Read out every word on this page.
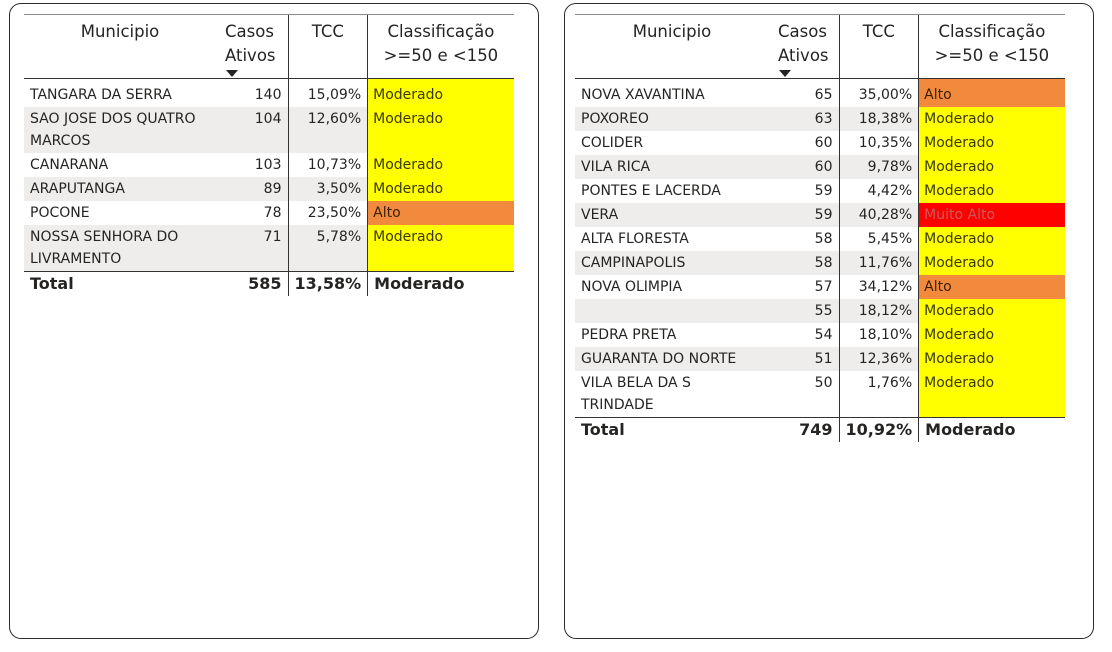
Municipio	Casos Ativos	TCC	Classificação
>=50 e <150
TANGARA DA SERRA	140	15,09%	Moderado
SAO JOSE DOS QUATRO MARCOS	104	12,60%	Moderado
CANARANA	103	10,73%	Moderado
ARAPUTANGA	89	3,50%	Moderado
POCONE	78	23,50%	Alto
NOSSA SENHORA DO LIVRAMENTO	71	5,78%	Moderado
Total	585	13,58%	Moderado
Municipio	Casos Ativos	TCC	Classificação
>=50 e <150
NOVA XAVANTINA	65	35,00%	Alto
POXOREO	63	18,38%	Moderado
COLIDER	60	10,35%	Moderado
VILA RICA	60	9,78%	Moderado
PONTES E LACERDA	59	4,42%	Moderado
VERA	59	40,28%	Muito Alto
ALTA FLORESTA	58	5,45%	Moderado
CAMPINAPOLIS	58	11,76%	Moderado
NOVA OLIMPIA	57	34,12%	Alto
	55	18,12%	Moderado
PEDRA PRETA	54	18,10%	Moderado
GUARANTA DO NORTE	51	12,36%	Moderado
VILA BELA DA S TRINDADE	50	1,76%	Moderado
Total	749	10,92%	Moderado
